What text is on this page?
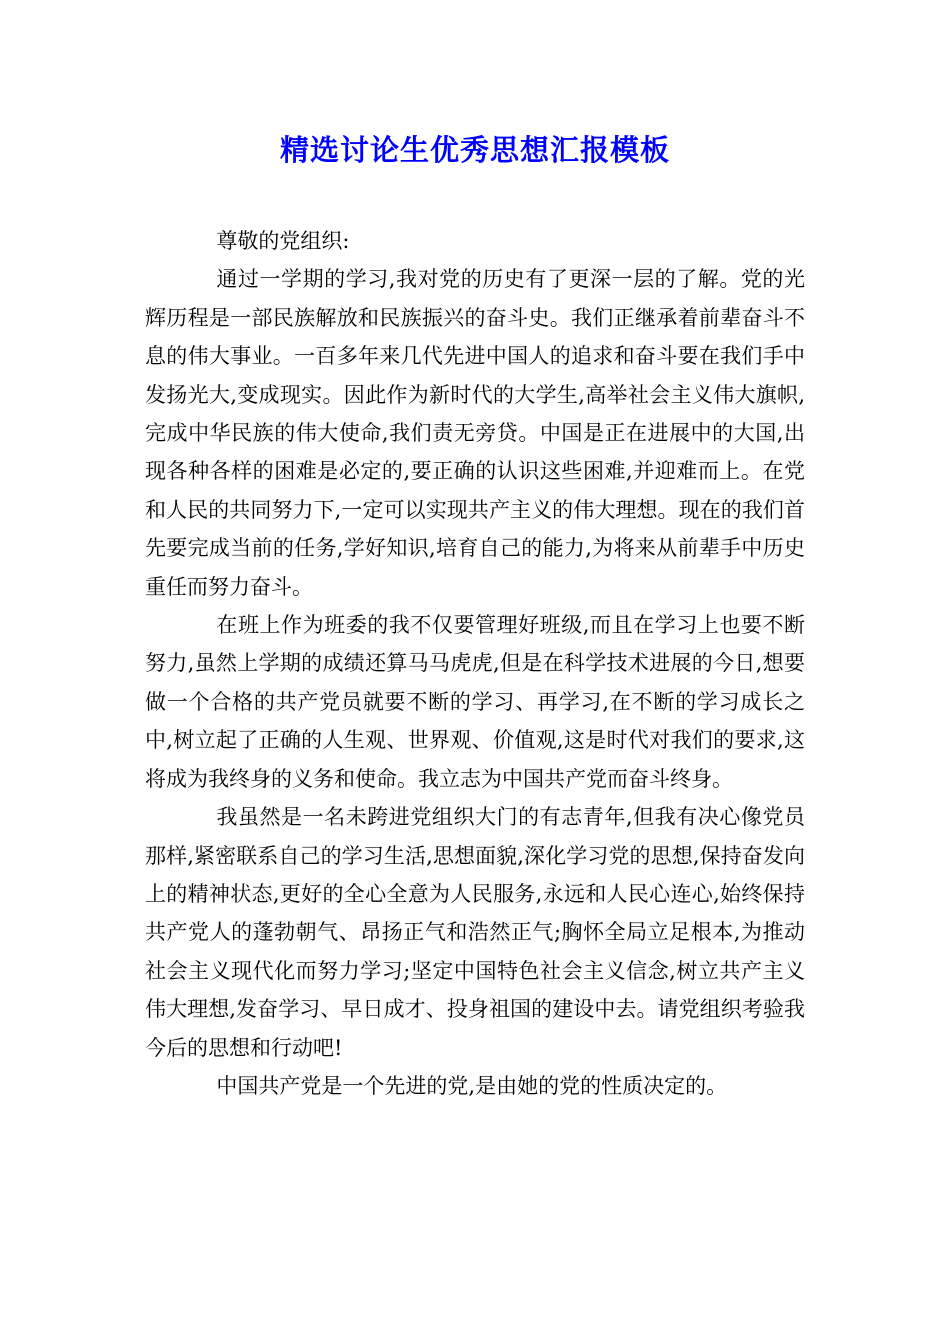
精选讨论生优秀思想汇报模板

尊敬的党组织:

通过一学期的学习,我对党的历史有了更深一层的了解。党的光辉历程是一部民族解放和民族振兴的奋斗史。我们正继承着前辈奋斗不息的伟大事业。一百多年来几代先进中国人的追求和奋斗要在我们手中发扬光大,变成现实。因此作为新时代的大学生,高举社会主义伟大旗帜,完成中华民族的伟大使命,我们责无旁贷。中国是正在进展中的大国,出现各种各样的困难是必定的,要正确的认识这些困难,并迎难而上。在党和人民的共同努力下,一定可以实现共产主义的伟大理想。现在的我们首先要完成当前的任务,学好知识,培育自己的能力,为将来从前辈手中历史重任而努力奋斗。

在班上作为班委的我不仅要管理好班级,而且在学习上也要不断努力,虽然上学期的成绩还算马马虎虎,但是在科学技术进展的今日,想要做一个合格的共产党员就要不断的学习、再学习,在不断的学习成长之中,树立起了正确的人生观、世界观、价值观,这是时代对我们的要求,这将成为我终身的义务和使命。我立志为中国共产党而奋斗终身。

我虽然是一名未跨进党组织大门的有志青年,但我有决心像党员那样,紧密联系自己的学习生活,思想面貌,深化学习党的思想,保持奋发向上的精神状态,更好的全心全意为人民服务,永远和人民心连心,始终保持共产党人的蓬勃朝气、昂扬正气和浩然正气;胸怀全局立足根本,为推动社会主义现代化而努力学习;坚定中国特色社会主义信念,树立共产主义伟大理想,发奋学习、早日成才、投身祖国的建设中去。请党组织考验我今后的思想和行动吧!

中国共产党是一个先进的党,是由她的党的性质决定的。
